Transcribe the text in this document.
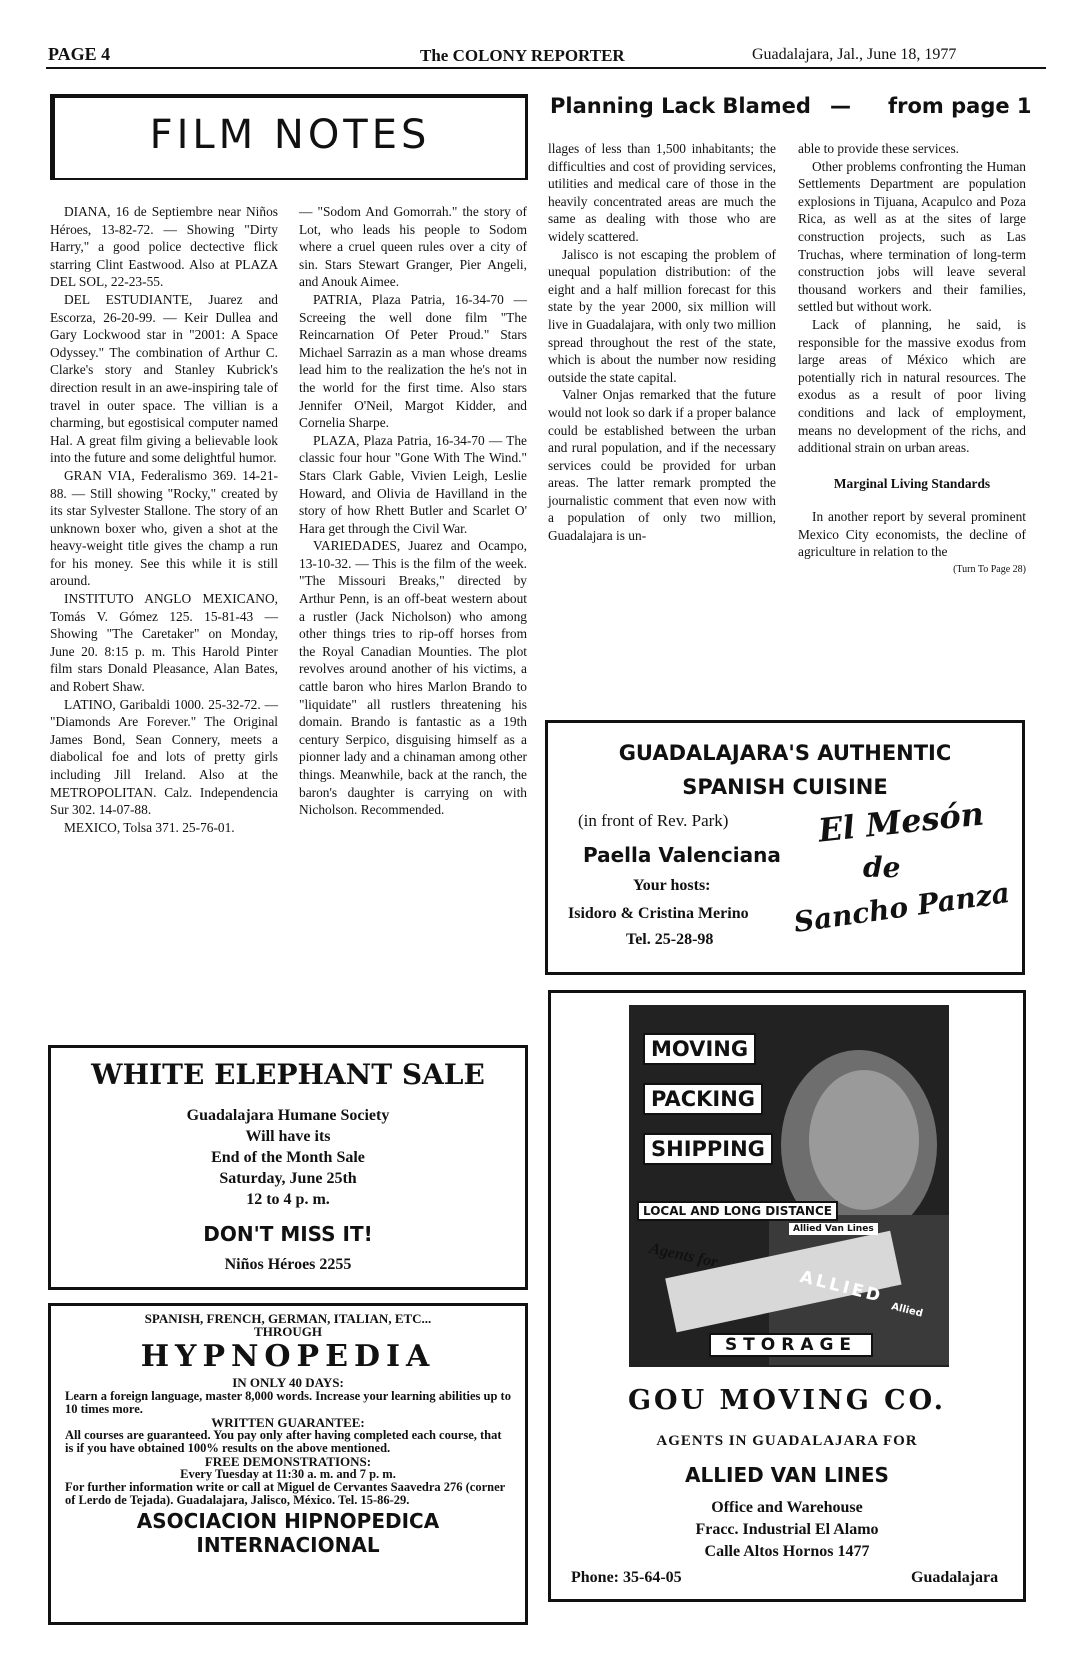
PAGE 4	The COLONY REPORTER	Guadalajara, Jal., June 18, 1977
FILM NOTES

DIANA, 16 de Septiembre near Niños Héroes, 13-82-72. — Showing "Dirty Harry," a good police dectective flick starring Clint Eastwood. Also at PLAZA DEL SOL, 22-23-55.

DEL ESTUDIANTE, Juarez and Escorza, 26-20-99. — Keir Dullea and Gary Lockwood star in "2001: A Space Odyssey." The combination of Arthur C. Clarke's story and Stanley Kubrick's direction result in an awe-inspiring tale of travel in outer space. The villian is a charming, but egostisical computer named Hal. A great film giving a believable look into the future and some delightful humor.

GRAN VIA, Federalismo 369. 14-21-88. — Still showing "Rocky," created by its star Sylvester Stallone. The story of an unknown boxer who, given a shot at the heavy-weight title gives the champ a run for his money. See this while it is still around.

INSTITUTO ANGLO MEXICANO, Tomás V. Gómez 125. 15-81-43 — Showing "The Caretaker" on Monday, June 20. 8:15 p. m. This Harold Pinter film stars Donald Pleasance, Alan Bates, and Robert Shaw.

LATINO, Garibaldi 1000. 25-32-72. — "Diamonds Are Forever." The Original James Bond, Sean Connery, meets a diabolical foe and lots of pretty girls including Jill Ireland. Also at the METROPOLITAN. Calz. Independencia Sur 302. 14-07-88.

MEXICO, Tolsa 371. 25-76-01.

— "Sodom And Gomorrah." the story of Lot, who leads his people to Sodom where a cruel queen rules over a city of sin. Stars Stewart Granger, Pier Angeli, and Anouk Aimee.

PATRIA, Plaza Patria, 16-34-70 — Screeing the well done film "The Reincarnation Of Peter Proud." Stars Michael Sarrazin as a man whose dreams lead him to the realization the he's not in the world for the first time. Also stars Jennifer O'Neil, Margot Kidder, and Cornelia Sharpe.

PLAZA, Plaza Patria, 16-34-70 — The classic four hour "Gone With The Wind." Stars Clark Gable, Vivien Leigh, Leslie Howard, and Olivia de Havilland in the story of how Rhett Butler and Scarlet O' Hara get through the Civil War.

VARIEDADES, Juarez and Ocampo, 13-10-32. — This is the film of the week. "The Missouri Breaks," directed by Arthur Penn, is an off-beat western about a rustler (Jack Nicholson) who among other things tries to rip-off horses from the Royal Canadian Mounties. The plot revolves around another of his victims, a cattle baron who hires Marlon Brando to "liquidate" all rustlers threatening his domain. Brando is fantastic as a 19th century Serpico, disguising himself as a pionner lady and a chinaman among other things. Meanwhile, back at the ranch, the baron's daughter is carrying on with Nicholson. Recommended.

Planning Lack Blamed — from page 1

llages of less than 1,500 inhabitants; the difficulties and cost of providing services, utilities and medical care of those in the heavily concentrated areas are much the same as dealing with those who are widely scattered.

Jalisco is not escaping the problem of unequal population distribution: of the eight and a half million forecast for this state by the year 2000, six million will live in Guadalajara, with only two million spread throughout the rest of the state, which is about the number now residing outside the state capital.

Valner Onjas remarked that the future would not look so dark if a proper balance could be established between the urban and rural population, and if the necessary services could be provided for urban areas. The latter remark prompted the journalistic comment that even now with a population of only two million, Guadalajara is un-

able to provide these services.

Other problems confronting the Human Settlements Department are population explosions in Tijuana, Acapulco and Poza Rica, as well as at the sites of large construction projects, such as Las Truchas, where termination of long-term construction jobs will leave several thousand workers and their families, settled but without work.

Lack of planning, he said, is responsible for the massive exodus from large areas of México which are potentially rich in natural resources. The exodus as a result of poor living conditions and lack of employment, means no development of the richs, and additional strain on urban areas.

Marginal Living Standards

In another report by several prominent Mexico City economists, the decline of agriculture in relation to the

(Turn To Page 28)
GUADALAJARA'S AUTHENTIC
SPANISH CUISINE
(in front of Rev. Park)
Paella Valenciana
Your hosts:
Isidoro & Cristina Merino
Tel. 25-28-98
El Mesón
de
Sancho Panza
WHITE ELEPHANT SALE
Guadalajara Humane Society
Will have its
End of the Month Sale
Saturday, June 25th
12 to 4 p. m.
DON'T MISS IT!
Niños Héroes 2255
SPANISH, FRENCH, GERMAN, ITALIAN, ETC...
THROUGH
HYPNOPEDIA
IN ONLY 40 DAYS:
Learn a foreign language, master 8,000 words. Increase your learning abilities up to 10 times more.
WRITTEN GUARANTEE:
All courses are guaranteed. You pay only after having completed each course, that is if you have obtained 100% results on the above mentioned.
FREE DEMONSTRATIONS:
Every Tuesday at 11:30 a. m. and 7 p. m.
For further information write or call at Miguel de Cervantes Saavedra 276 (corner of Lerdo de Tejada). Guadalajara, Jalisco, México. Tel. 15-86-29.
ASOCIACION HIPNOPEDICA
INTERNACIONAL
MOVING
PACKING
SHIPPING
LOCAL AND LONG DISTANCE
Allied Van Lines
Agents for
ALLIED
Allied
STORAGE
GOU MOVING CO.
AGENTS IN GUADALAJARA FOR
ALLIED VAN LINES
Office and Warehouse
Fracc. Industrial El Alamo
Calle Altos Hornos 1477
Phone: 35-64-05	Guadalajara
